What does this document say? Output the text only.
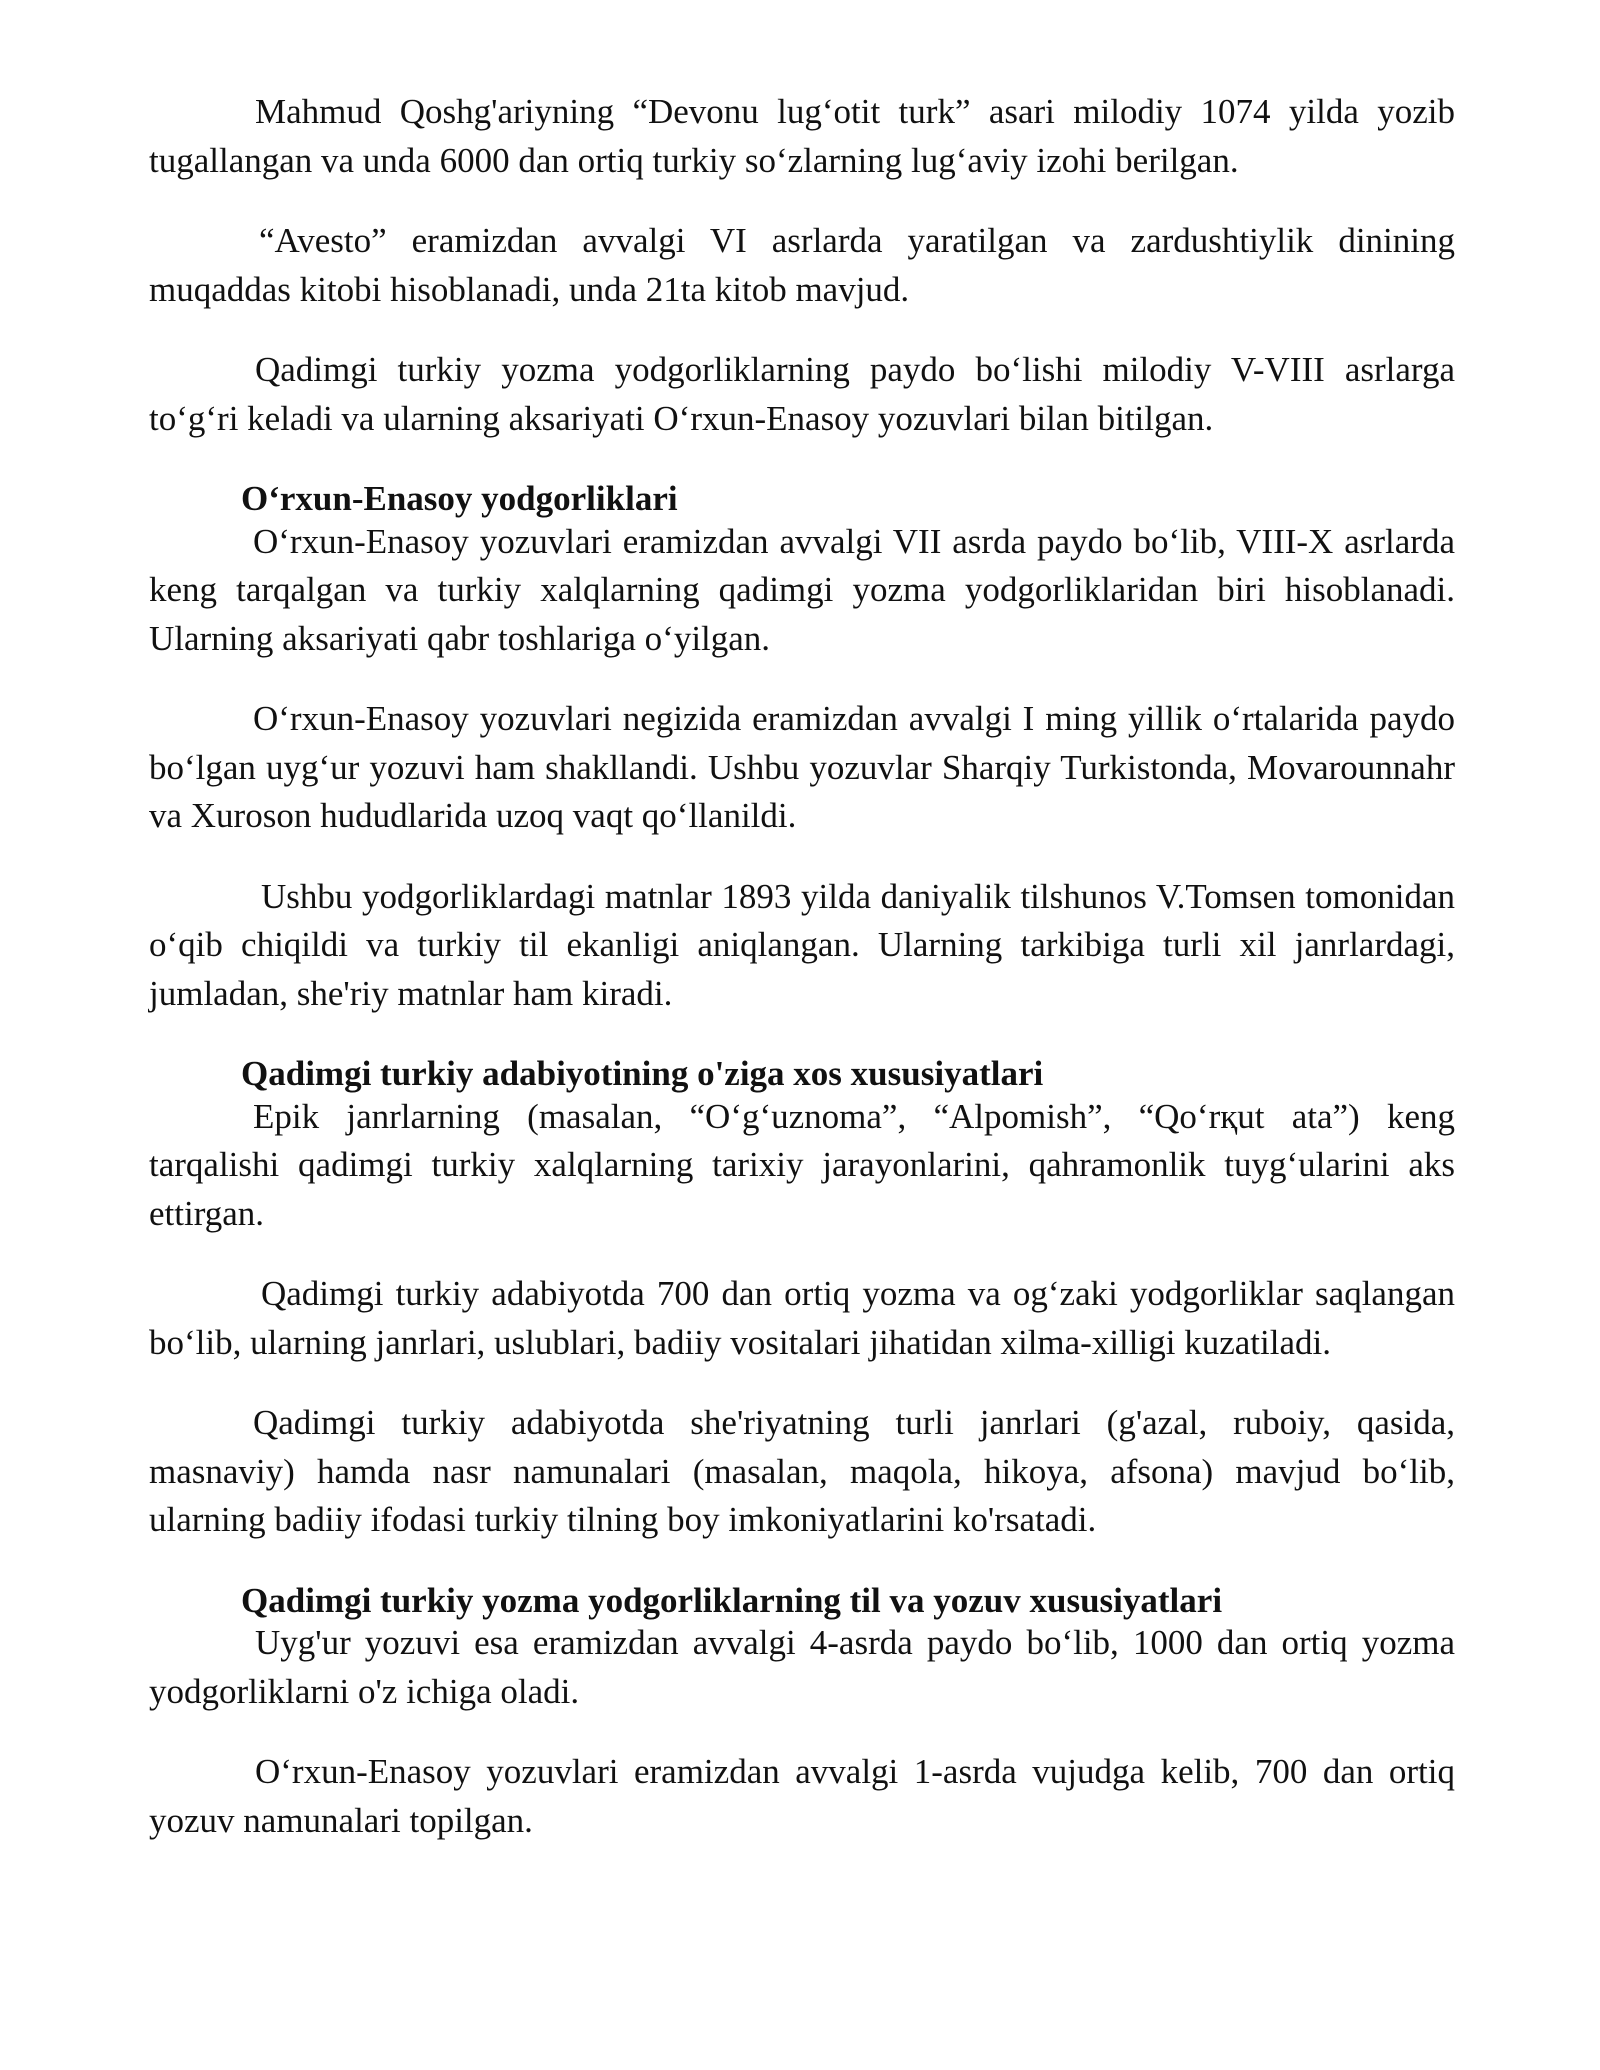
Mahmud Qoshg'ariyning “Devonu lug‘otit turk” asari milodiy 1074 yilda yozib tugallangan va unda 6000 dan ortiq turkiy so‘zlarning lug‘aviy izohi berilgan.

“Avesto” eramizdan avvalgi VI asrlarda yaratilgan va zardushtiylik dinining muqaddas kitobi hisoblanadi, unda 21ta kitob mavjud.

Qadimgi turkiy yozma yodgorliklarning paydo bo‘lishi milodiy V-VIII asrlarga to‘g‘ri keladi va ularning aksariyati O‘rxun-Enasoy yozuvlari bilan bitilgan.

O‘rxun-Enasoy yodgorliklari

O‘rxun-Enasoy yozuvlari eramizdan avvalgi VII asrda paydo bo‘lib, VIII-X asrlarda keng tarqalgan va turkiy xalqlarning qadimgi yozma yodgorliklaridan biri hisoblanadi. Ularning aksariyati qabr toshlariga o‘yilgan.

O‘rxun-Enasoy yozuvlari negizida eramizdan avvalgi I ming yillik o‘rtalarida paydo bo‘lgan uyg‘ur yozuvi ham shakllandi. Ushbu yozuvlar Sharqiy Turkistonda, Movarounnahr va Xuroson hududlarida uzoq vaqt qo‘llanildi.

Ushbu yodgorliklardagi matnlar 1893 yilda daniyalik tilshunos V.Tomsen tomonidan o‘qib chiqildi va turkiy til ekanligi aniqlangan. Ularning tarkibiga turli xil janrlardagi, jumladan, she'riy matnlar ham kiradi.

Qadimgi turkiy adabiyotining o'ziga xos xususiyatlari

Epik janrlarning (masalan, “O‘g‘uznoma”, “Alpomish”, “Qo‘rқut ata”) keng tarqalishi qadimgi turkiy xalqlarning tarixiy jarayonlarini, qahramonlik tuyg‘ularini aks ettirgan.

Qadimgi turkiy adabiyotda 700 dan ortiq yozma va og‘zaki yodgorliklar saqlangan bo‘lib, ularning janrlari, uslublari, badiiy vositalari jihatidan xilma-xilligi kuzatiladi.

Qadimgi turkiy adabiyotda she'riyatning turli janrlari (g'azal, ruboiy, qasida, masnaviy) hamda nasr namunalari (masalan, maqola, hikoya, afsona) mavjud bo‘lib, ularning badiiy ifodasi turkiy tilning boy imkoniyatlarini ko'rsatadi.

Qadimgi turkiy yozma yodgorliklarning til va yozuv xususiyatlari

Uyg'ur yozuvi esa eramizdan avvalgi 4-asrda paydo bo‘lib, 1000 dan ortiq yozma yodgorliklarni o'z ichiga oladi.

O‘rxun-Enasoy yozuvlari eramizdan avvalgi 1-asrda vujudga kelib, 700 dan ortiq yozuv namunalari topilgan.
